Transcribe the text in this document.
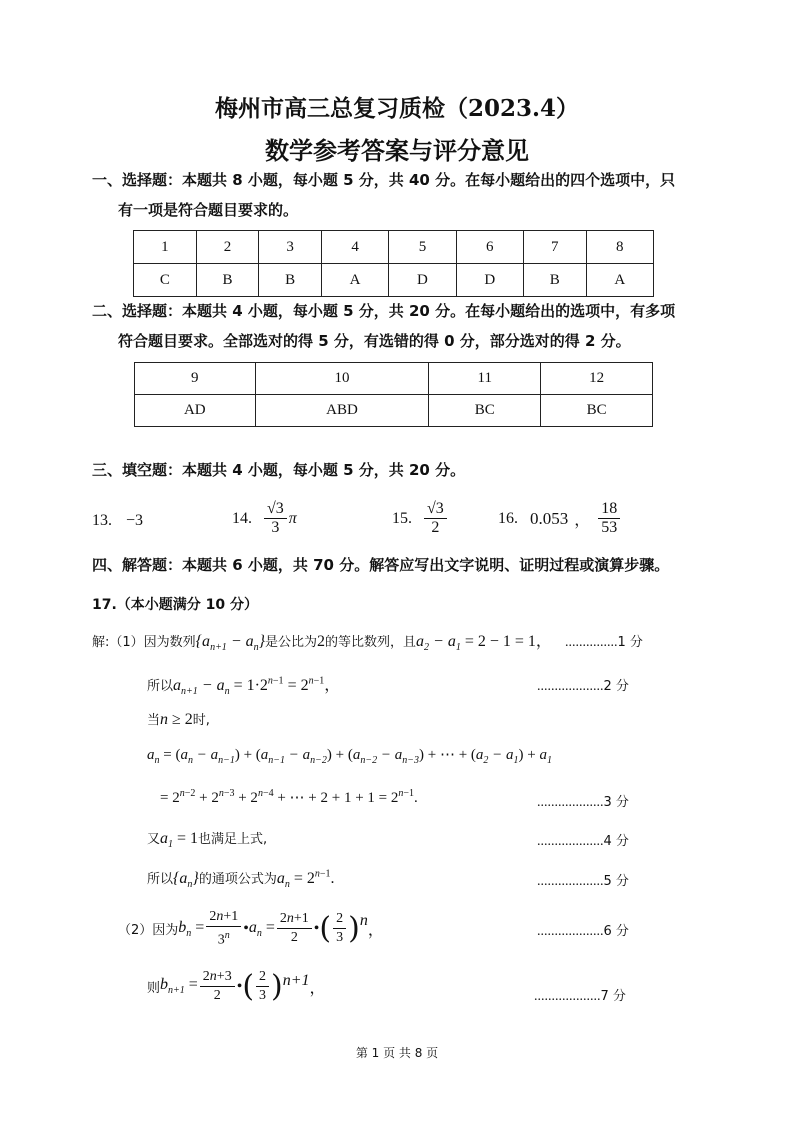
梅州市高三总复习质检（2023.4）
数学参考答案与评分意见
一、选择题：本题共 8 小题，每小题 5 分，共 40 分。在每小题给出的四个选项中，只
有一项是符合题目要求的。
1	2	3	4	5	6	7	8
C	B	B	A	D	D	B	A
二、选择题：本题共 4 小题，每小题 5 分，共 20 分。在每小题给出的选项中，有多项
符合题目要求。全部选对的得 5 分，有选错的得 0 分，部分选对的得 2 分。
9	10	11	12
AD	ABD	BC	BC
三、填空题：本题共 4 小题，每小题 5 分，共 20 分。
13. −3	14. $\frac{√3}{3}$ π	15. $\frac{√3}{2}$	16. 0.053 ， $\frac{18}{53}$
四、解答题：本题共 6 小题，共 70 分。解答应写出文字说明、证明过程或演算步骤。
17.（本小题满分 10 分）
解:（1）因为数列$\{a_{n+1} - a_n\}$是公比为2的等比数列，且$a_2 - a_1 = 2 - 1 = 1$， ...............1 分
所以$a_{n+1} - a_n = 1\cdot 2^{n-1} = 2^{n-1}$，	...................2 分
当n ≥ 2时,
$a_n = (a_n - a_{n-1}) + (a_{n-1} - a_{n-2}) + (a_{n-2} - a_{n-3})$ + ⋯ + $(a_2 - a_1) + a_1$
= $2^{n-2} + 2^{n-3} + 2^{n-4}$ + ⋯ + $2 + 1 + 1 = 2^{n-1}$.	...................3 分
又$a_1 = 1$也满足上式,	...................4 分
所以$\{a_n\}$的通项公式为$a_n = 2^{n-1}$.	...................5 分
（2）因为 $b_n = \frac{2n+1}{3^n}$ • $a_n = \frac{2n+1}{2}$ • ( $\frac{2}{3}$ ) n
，	...................6 分
则 $b_{n+1} = \frac{2n+3}{2}$ • ( $\frac{2}{3}$ ) n+1 ，	...................7 分
第 1 页 共 8 页
